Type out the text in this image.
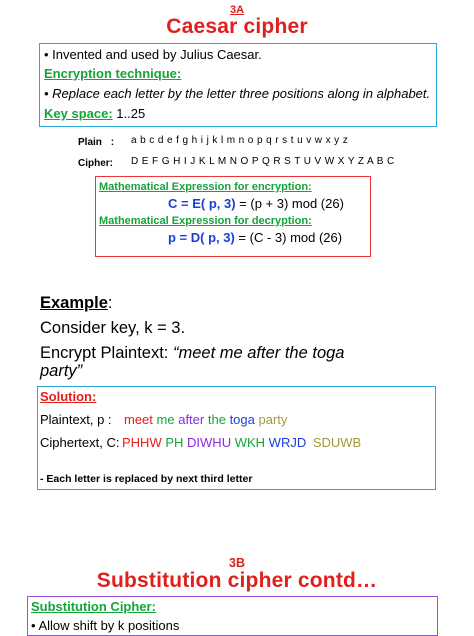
3A
Caesar cipher
• Invented and used by Julius Caesar.
Encryption technique:
• Replace each letter by the letter three positions along in alphabet.
Key space: 1..25
Plain : a b c d e f g h i j k l m n o p q r s t u v w x y z
Cipher: D E F G H I J K L M N O P Q R S T U V W X Y Z A B C
Mathematical Expression for encryption:
C = E( p, 3) = (p + 3) mod (26)
Mathematical Expression for decryption:
p = D( p, 3) = (C - 3) mod (26)
Example:
Consider key, k = 3.
Encrypt Plaintext: “meet me after the toga
party”
Solution:
Plaintext, p : meet me after the toga party
Ciphertext, C: PHHW PH DIWHU WKH WRJD SDUWB
- Each letter is replaced by next third letter
3B
Substitution cipher contd…
Substitution Cipher:
• Allow shift by k positions
